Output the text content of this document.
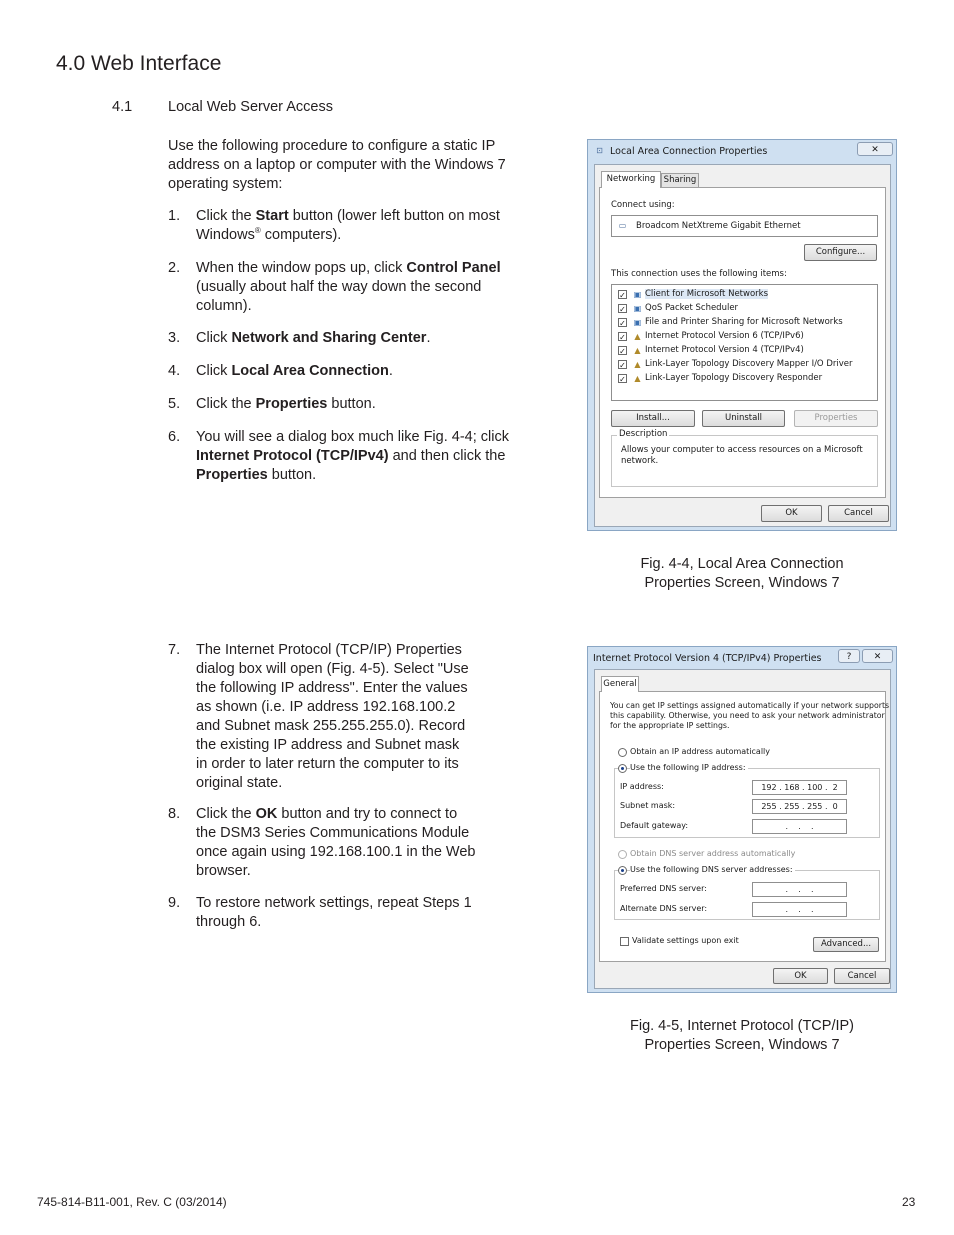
4.0 Web Interface
4.1 Local Web Server Access
Use the following procedure to configure a static IP
address on a laptop or computer with the Windows 7
operating system:
1. Click the Start button (lower left button on most
Windows® computers).
2. When the window pops up, click Control Panel
(usually about half the way down the second
column).
3. Click Network and Sharing Center.
4. Click Local Area Connection.
5. Click the Properties button.
6. You will see a dialog box much like Fig. 4-4; click
Internet Protocol (TCP/IPv4) and then click the
Properties button.
7. The Internet Protocol (TCP/IP) Properties
dialog box will open (Fig. 4-5). Select "Use
the following IP address". Enter the values
as shown (i.e. IP address 192.168.100.2
and Subnet mask 255.255.255.0). Record
the existing IP address and Subnet mask
in order to later return the computer to its
original state.
8. Click the OK button and try to connect to
the DSM3 Series Communications Module
once again using 192.168.100.1 in the Web
browser.
9. To restore network settings, repeat Steps 1
through 6.
⊡ Local Area Connection Properties	✕
Networking Sharing
Connect using:
▭ Broadcom NetXtreme Gigabit Ethernet
Configure...
This connection uses the following items:
✓ ▣ Client for Microsoft Networks
✓ ▣ QoS Packet Scheduler
✓ ▣ File and Printer Sharing for Microsoft Networks
✓	▲ Internet Protocol Version 6 (TCP/IPv6)
✓	▲ Internet Protocol Version 4 (TCP/IPv4)
✓	▲ Link-Layer Topology Discovery Mapper I/O Driver
✓	▲ Link-Layer Topology Discovery Responder
Install...	Uninstall	Properties
Description
Allows your computer to access resources on a Microsoft
network.
OK	Cancel
Fig. 4-4, Local Area Connection
Properties Screen, Windows 7
Internet Protocol Version 4 (TCP/IPv4) Properties	?	✕
General
You can get IP settings assigned automatically if your network supports
this capability. Otherwise, you need to ask your network administrator
for the appropriate IP settings.
Obtain an IP address automatically
Use the following IP address:
IP address:	192 . 168 . 100 .  2
Subnet mask:	255 . 255 . 255 .  0
Default gateway:	.    .    .
Obtain DNS server address automatically
Use the following DNS server addresses:
Preferred DNS server:	.    .    .
Alternate DNS server:	.    .    .
Validate settings upon exit	Advanced...
OK	Cancel
Fig. 4-5, Internet Protocol (TCP/IP)
Properties Screen, Windows 7
745-814-B11-001, Rev. C (03/2014)	23
